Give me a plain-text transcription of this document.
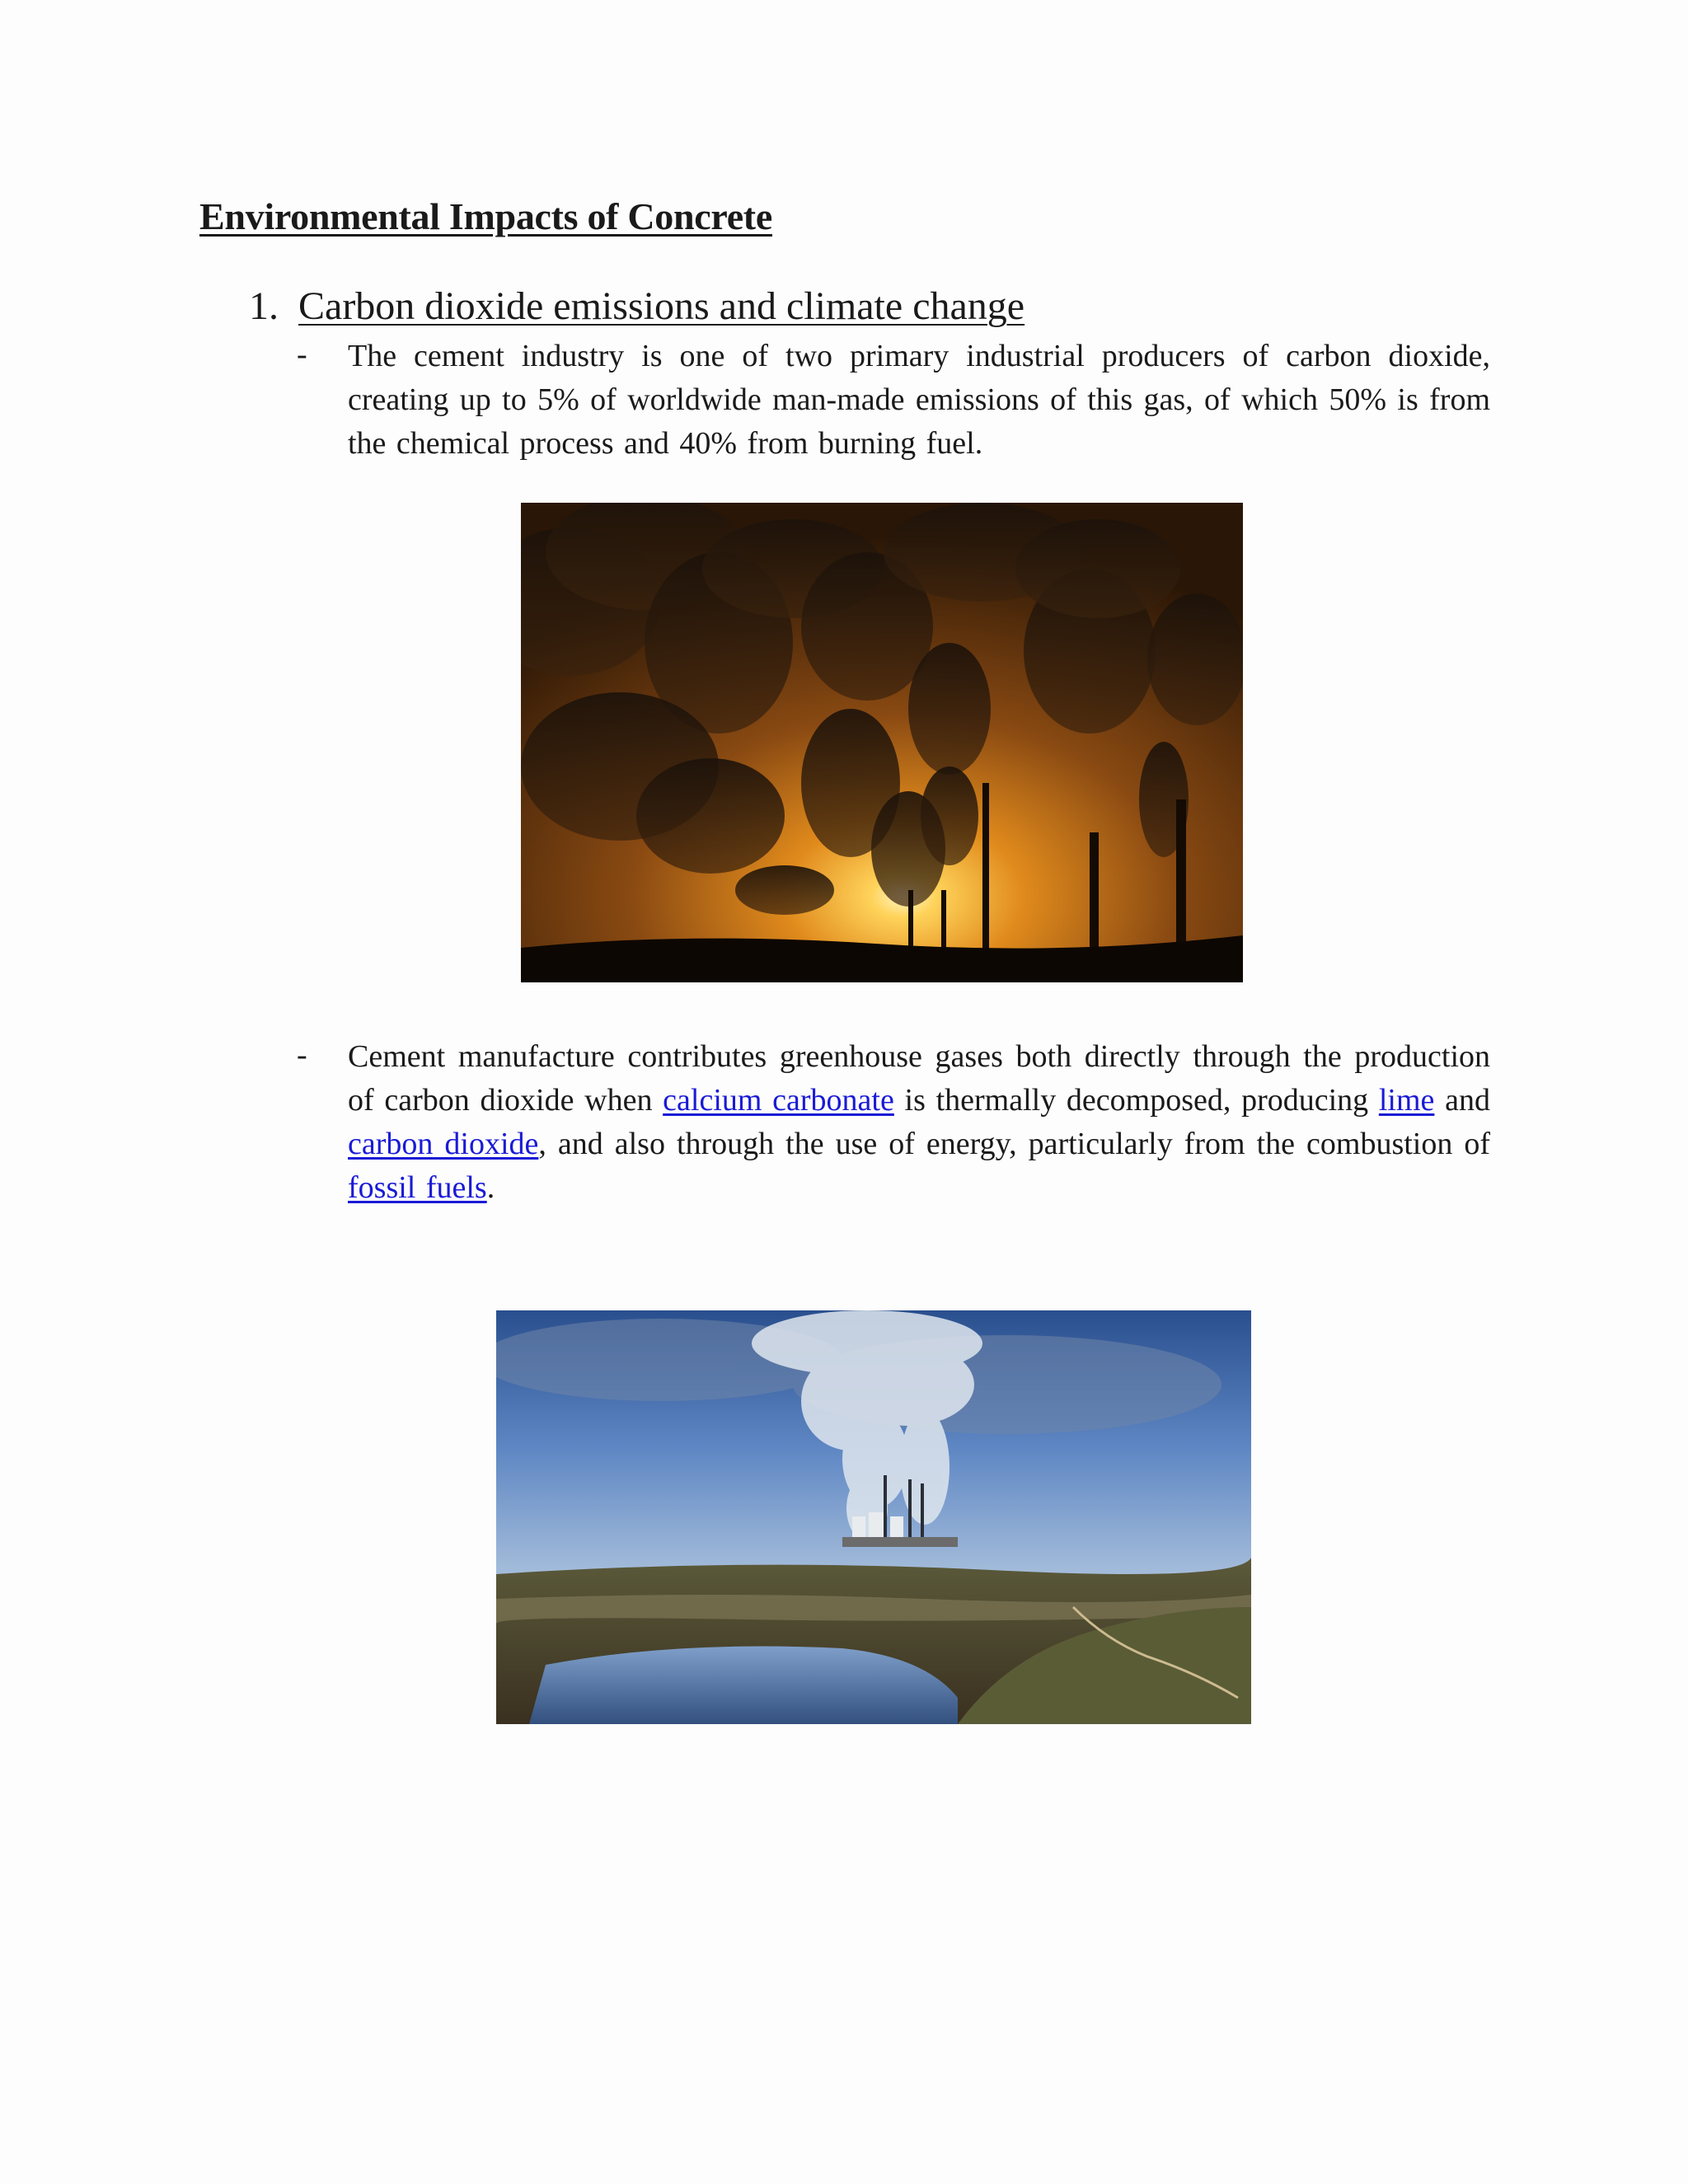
Environmental Impacts of Concrete
1. Carbon dioxide emissions and climate change
- The cement industry is one of two primary industrial producers of carbon dioxide, creating up to 5% of worldwide man-made emissions of this gas, of which 50% is from the chemical process and 40% from burning fuel.
- Cement manufacture contributes greenhouse gases both directly through the production of carbon dioxide when calcium carbonate is thermally decomposed, producing lime and carbon dioxide, and also through the use of energy, particularly from the combustion of fossil fuels.
